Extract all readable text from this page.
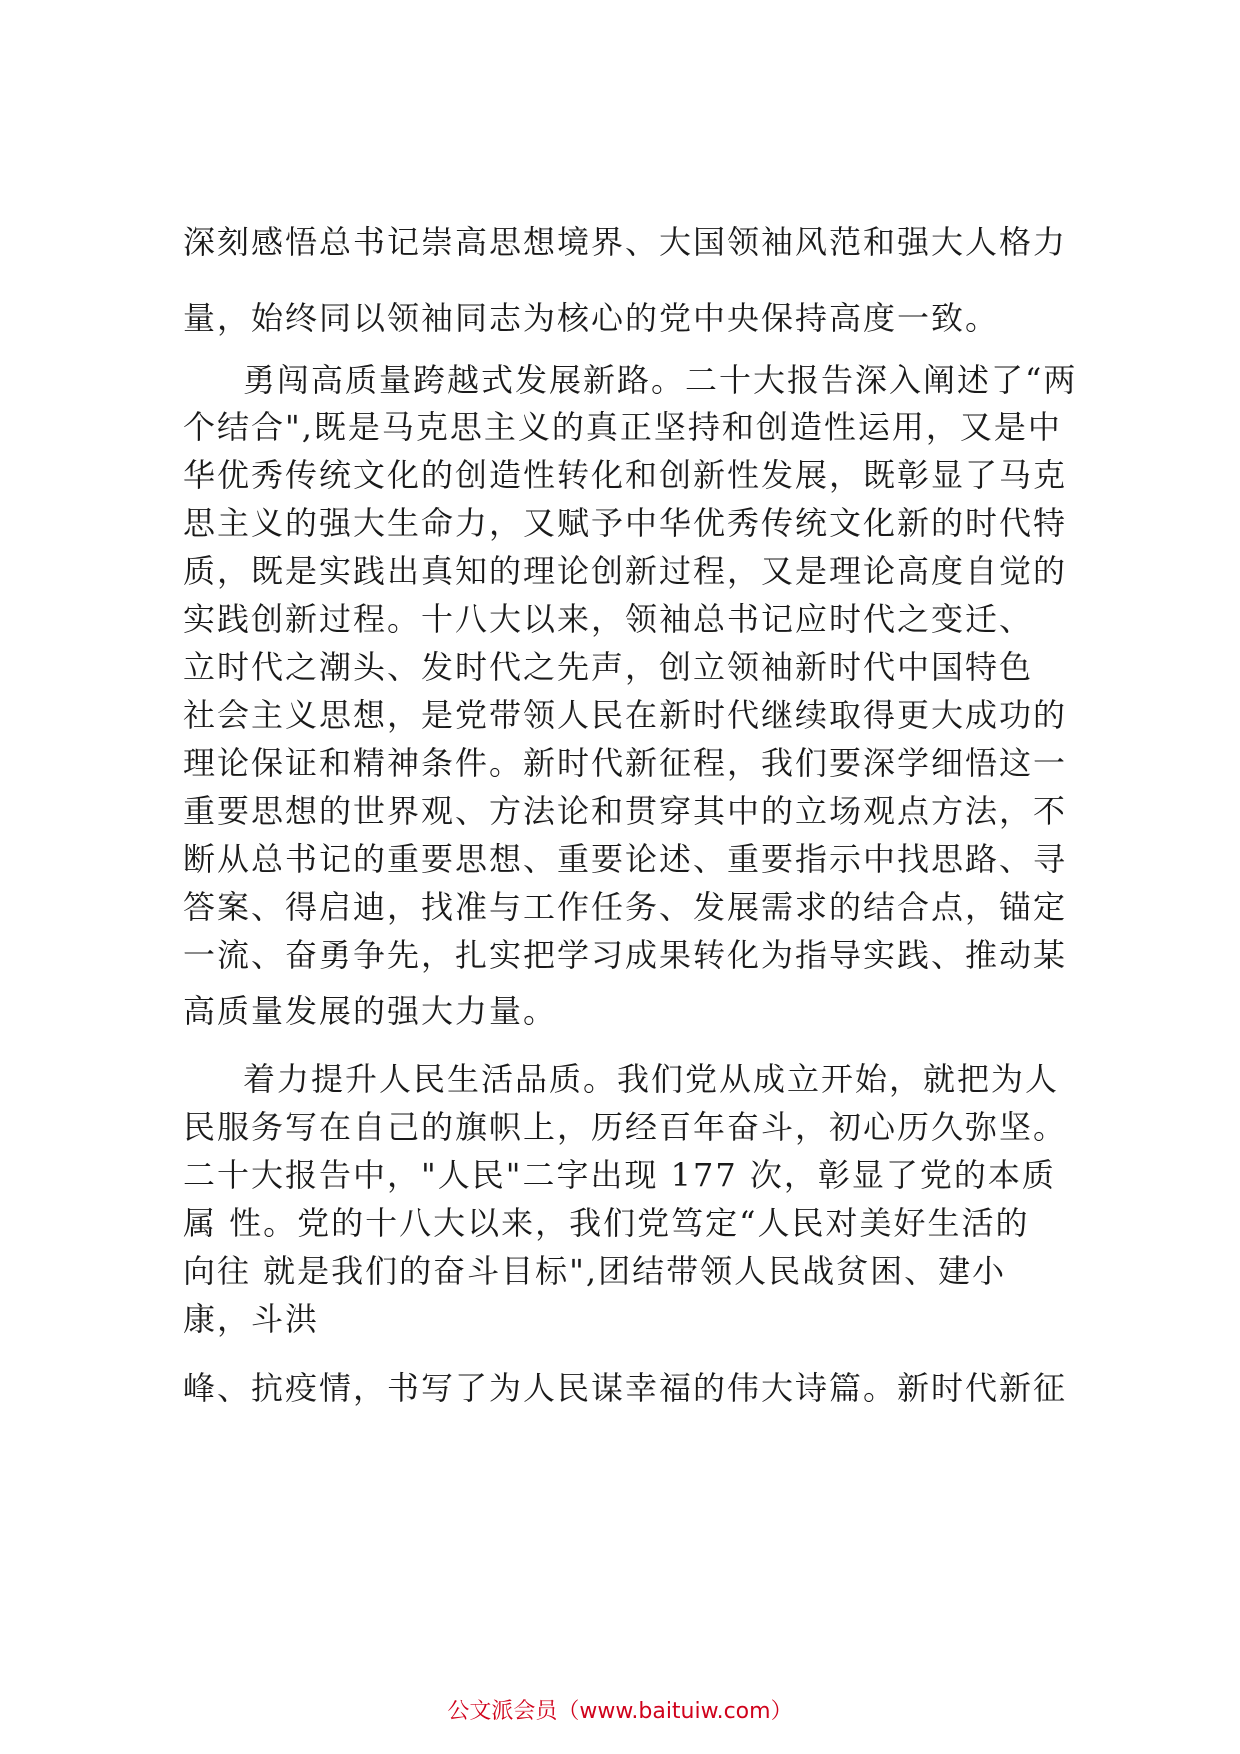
深刻感悟总书记崇高思想境界、大国领袖风范和强大人格力
量，始终同以领袖同志为核心的党中央保持高度一致。
勇闯高质量跨越式发展新路。二十大报告深入阐述了“两
个结合",既是马克思主义的真正坚持和创造性运用，又是中
华优秀传统文化的创造性转化和创新性发展，既彰显了马克
思主义的强大生命力，又赋予中华优秀传统文化新的时代特
质，既是实践出真知的理论创新过程，又是理论高度自觉的
实践创新过程。十八大以来，领袖总书记应时代之变迁、
立时代之潮头、发时代之先声，创立领袖新时代中国特色
社会主义思想，是党带领人民在新时代继续取得更大成功的
理论保证和精神条件。新时代新征程，我们要深学细悟这一
重要思想的世界观、方法论和贯穿其中的立场观点方法，不
断从总书记的重要思想、重要论述、重要指示中找思路、寻
答案、得启迪，找准与工作任务、发展需求的结合点，锚定
一流、奋勇争先，扎实把学习成果转化为指导实践、推动某
高质量发展的强大力量。
着力提升人民生活品质。我们党从成立开始，就把为人
民服务写在自己的旗帜上，历经百年奋斗，初心历久弥坚。
二十大报告中，"人民"二字出现 177 次，彰显了党的本质
属 性。党的十八大以来，我们党笃定“人民对美好生活的
向往 就是我们的奋斗目标",团结带领人民战贫困、建小
康，斗洪
峰、抗疫情，书写了为人民谋幸福的伟大诗篇。新时代新征
公文派会员（www.baituiw.com）
